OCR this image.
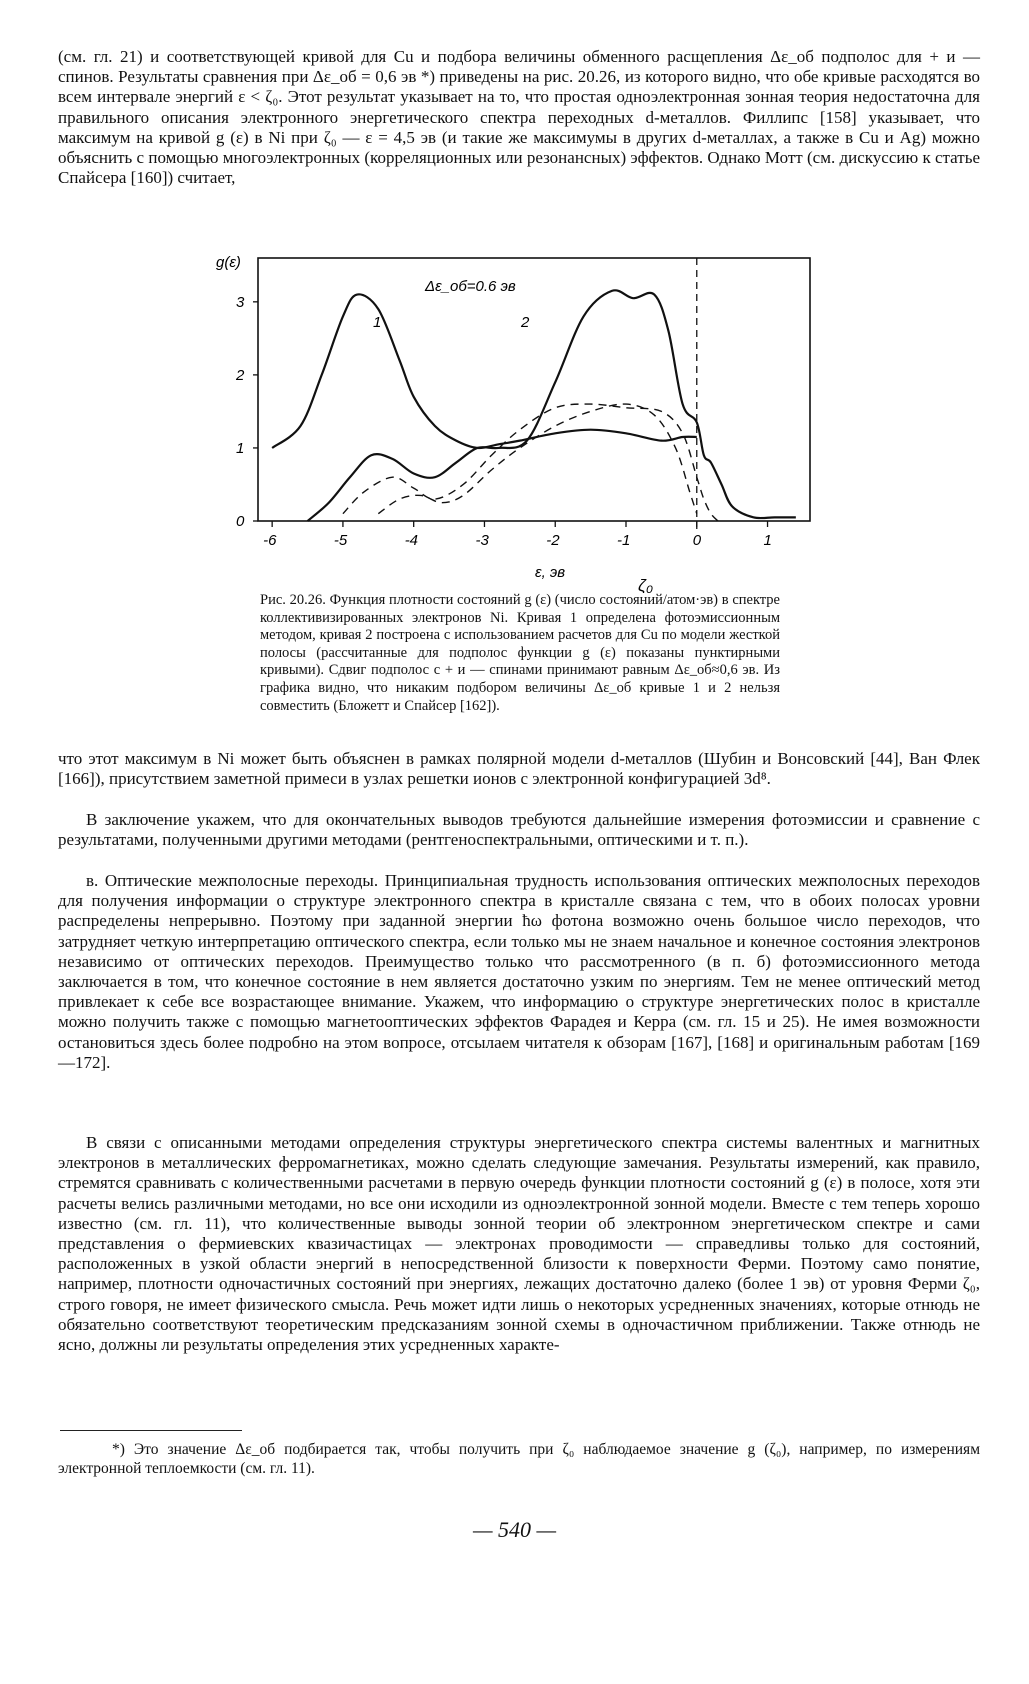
(см. гл. 21) и соответствующей кривой для Cu и подбора величины обменного расщепления Δε_об подполос для + и — спинов. Результаты сравнения при Δε_об = 0,6 эв *) приведены на рис. 20.26, из которого видно, что обе кривые расходятся во всем интервале энергий ε < ζ₀. Этот результат указывает на то, что простая одноэлектронная зонная теория недостаточна для правильного описания электронного энергетического спектра переходных d-металлов. Филлипс [158] указывает, что максимум на кривой g (ε) в Ni при ζ₀ — ε = 4,5 эв (и такие же максимумы в других d-металлах, а также в Cu и Ag) можно объяснить с помощью многоэлектронных (корреляционных или резонансных) эффектов. Однако Мотт (см. дискуссию к статье Спайсера [160]) считает,

-6	-5	-4	-3	-2	-1	0	1
0
1
2
3
g(ε)
ε, эв
ζ₀
Δε_об=0.6 эв
1	2

Рис. 20.26. Функция плотности состояний g (ε) (число состояний/атом·эв) в спектре коллективизированных электронов Ni. Кривая 1 определена фотоэмиссионным методом, кривая 2 построена с использованием расчетов для Cu по модели жесткой полосы (рассчитанные для подполос функции g (ε) показаны пунктирными кривыми). Сдвиг подполос с + и — спинами принимают равным Δε_об≈0,6 эв. Из графика видно, что никаким подбором величины Δε_об кривые 1 и 2 нельзя совместить (Бложетт и Спайсер [162]).

что этот максимум в Ni может быть объяснен в рамках полярной модели d-металлов (Шубин и Вонсовский [44], Ван Флек [166]), присутствием заметной примеси в узлах решетки ионов с электронной конфигурацией 3d⁸.

В заключение укажем, что для окончательных выводов требуются дальнейшие измерения фотоэмиссии и сравнение с результатами, полученными другими методами (рентгеноспектральными, оптическими и т. п.).

в. Оптические межполосные переходы. Принципиальная трудность использования оптических межполосных переходов для получения информации о структуре электронного спектра в кристалле связана с тем, что в обоих полосах уровни распределены непрерывно. Поэтому при заданной энергии ħω фотона возможно очень большое число переходов, что затрудняет четкую интерпретацию оптического спектра, если только мы не знаем начальное и конечное состояния электронов независимо от оптических переходов. Преимущество только что рассмотренного (в п. б) фотоэмиссионного метода заключается в том, что конечное состояние в нем является достаточно узким по энергиям. Тем не менее оптический метод привлекает к себе все возрастающее внимание. Укажем, что информацию о структуре энергетических полос в кристалле можно получить также с помощью магнетооптических эффектов Фарадея и Керра (см. гл. 15 и 25). Не имея возможности остановиться здесь более подробно на этом вопросе, отсылаем читателя к обзорам [167], [168] и оригинальным работам [169—172].

В связи с описанными методами определения структуры энергетического спектра системы валентных и магнитных электронов в металлических ферромагнетиках, можно сделать следующие замечания. Результаты измерений, как правило, стремятся сравнивать с количественными расчетами в первую очередь функции плотности состояний g (ε) в полосе, хотя эти расчеты велись различными методами, но все они исходили из одноэлектронной зонной модели. Вместе с тем теперь хорошо известно (см. гл. 11), что количественные выводы зонной теории об электронном энергетическом спектре и сами представления о фермиевских квазичастицах — электронах проводимости — справедливы только для состояний, расположенных в узкой области энергий в непосредственной близости к поверхности Ферми. Поэтому само понятие, например, плотности одночастичных состояний при энергиях, лежащих достаточно далеко (более 1 эв) от уровня Ферми ζ₀, строго говоря, не имеет физического смысла. Речь может идти лишь о некоторых усредненных значениях, которые отнюдь не обязательно соответствуют теоретическим предсказаниям зонной схемы в одночастичном приближении. Также отнюдь не ясно, должны ли результаты определения этих усредненных характе-

*) Это значение Δε_об подбирается так, чтобы получить при ζ₀ наблюдаемое значение g (ζ₀), например, по измерениям электронной теплоемкости (см. гл. 11).

— 540 —
